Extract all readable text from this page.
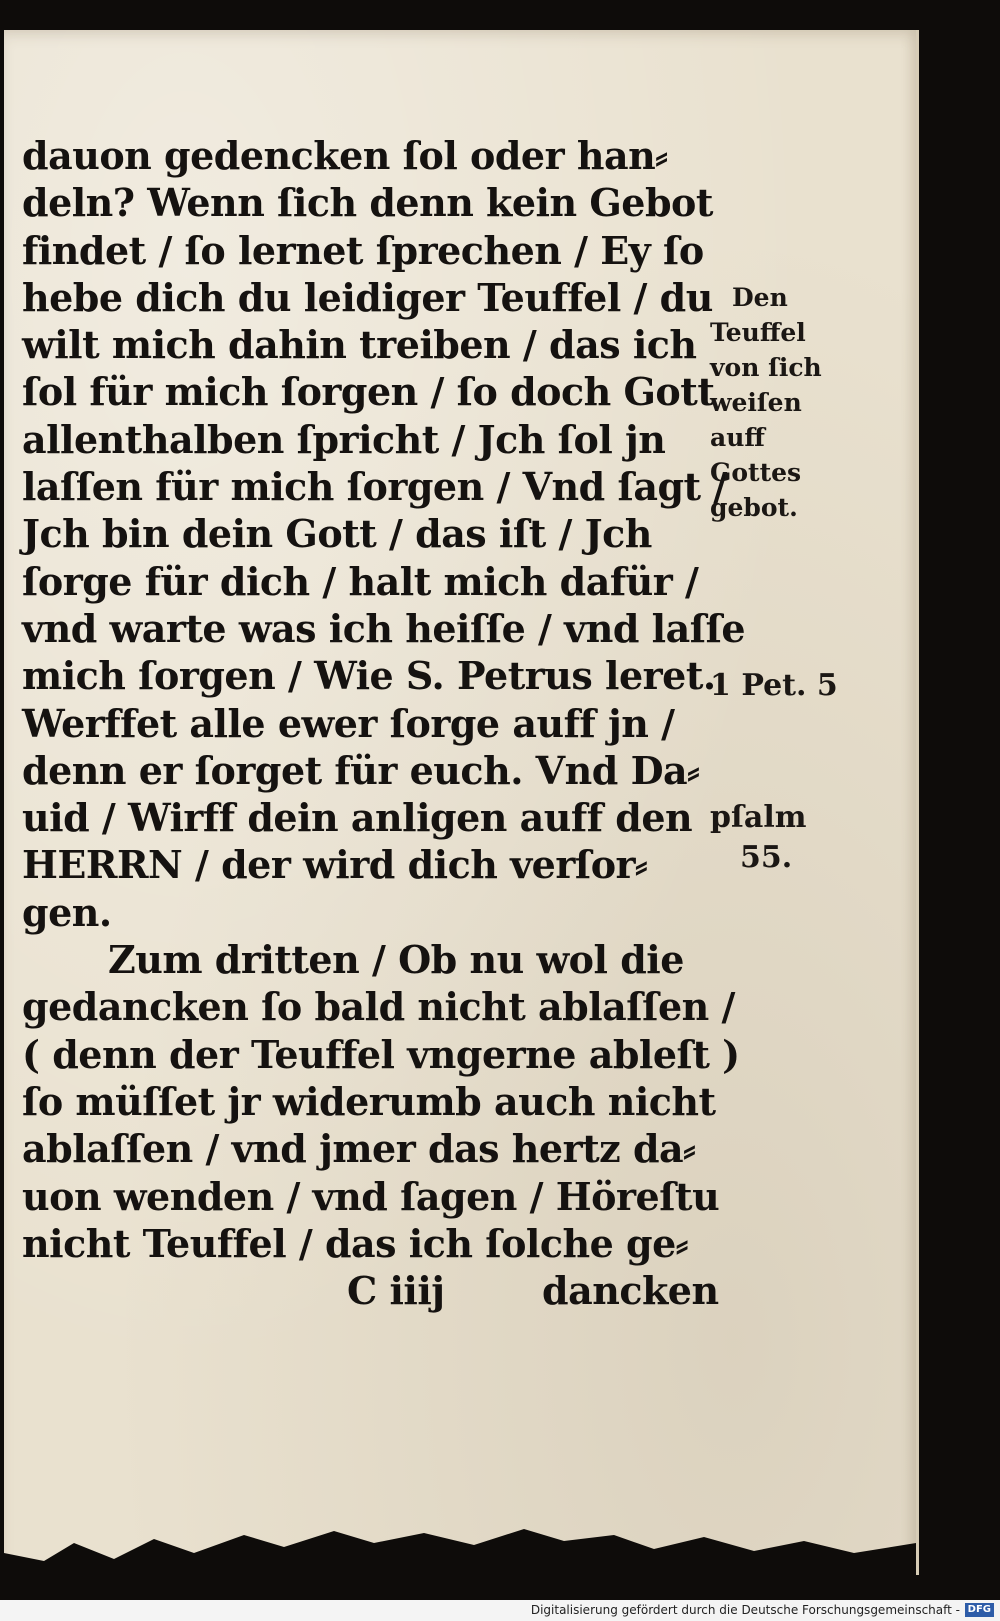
dauon gedencken ſol oder han⸗
deln? Wenn ſich denn kein Gebot
findet / ſo lernet ſprechen / Ey ſo
hebe dich du leidiger Teuffel / du
wilt mich dahin treiben / das ich
ſol für mich ſorgen / ſo doch Gott
allenthalben ſpricht / Jch ſol jn
laſſen für mich ſorgen / Vnd ſagt /
Jch bin dein Gott / das iſt / Jch
ſorge für dich / halt mich dafür /
vnd warte was ich heiſſe / vnd laſſe
mich ſorgen / Wie S. Petrus leret.
Werffet alle ewer ſorge auff jn /
denn er ſorget für euch. Vnd Da⸗
uid / Wirff dein anligen auff den
HERRN / der wird dich verſor⸗
gen.
Zum dritten / Ob nu wol die
gedancken ſo bald nicht ablaſſen /
( denn der Teuffel vngerne ableſt )
ſo müſſet jr widerumb auch nicht
ablaſſen / vnd jmer das hertz da⸗
uon wenden / vnd ſagen / Höreſtu
nicht Teuffel / das ich ſolche ge⸗
C iiij	dancken
Den
Teuffel
von ſich
weiſen
auff
Gottes
gebot.
1 Pet. 5
pſalm
55.
Digitalisierung gefördert durch die Deutsche Forschungsgemeinschaft - DFG
